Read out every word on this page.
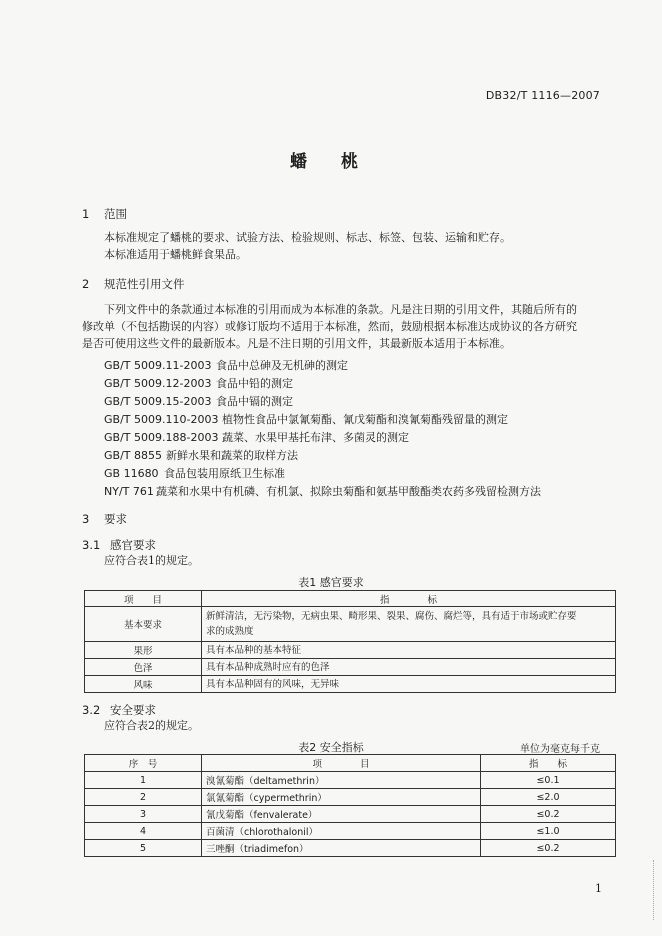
DB32/T 1116—2007
蟠 桃
1 范围
本标准规定了蟠桃的要求、试验方法、检验规则、标志、标签、包装、运输和贮存。
本标准适用于蟠桃鲜食果品。
2 规范性引用文件
下列文件中的条款通过本标准的引用而成为本标准的条款。凡是注日期的引用文件，其随后所有的
修改单（不包括勘误的内容）或修订版均不适用于本标准，然而，鼓励根据本标准达成协议的各方研究
是否可使用这些文件的最新版本。凡是不注日期的引用文件，其最新版本适用于本标准。
GB/T 5009.11-2003 食品中总砷及无机砷的测定
GB/T 5009.12-2003 食品中铅的测定
GB/T 5009.15-2003 食品中镉的测定
GB/T 5009.110-2003 植物性食品中氯氰菊酯、氰戊菊酯和溴氰菊酯残留量的测定
GB/T 5009.188-2003 蔬菜、水果甲基托布津、多菌灵的测定
GB/T 8855 新鲜水果和蔬菜的取样方法
GB 11680 食品包装用原纸卫生标准
NY/T 761 蔬菜和水果中有机磷、有机氯、拟除虫菊酯和氨基甲酸酯类农药多残留检测方法
3 要求
3.1 感官要求
应符合表1的规定。
表1 感官要求
项　　目	指　　　　标
基本要求	新鲜清洁，无污染物，无病虫果、畸形果、裂果、腐伤、腐烂等，具有适于市场或贮存要
求的成熟度

果形	具有本品种的基本特征
色泽	具有本品种成熟时应有的色泽
风味	具有本品种固有的风味，无异味
3.2 安全要求
应符合表2的规定。
表2 安全指标	单位为毫克每千克
序　号	项　　　　目	指　　标
1	溴氰菊酯（deltamethrin）	≤0.1
2	氯氰菊酯（cypermethrin）	≤2.0
3	氰戊菊酯（fenvalerate）	≤0.2
4	百菌清（chlorothalonil）	≤1.0
5	三唑酮（triadimefon）	≤0.2
1
